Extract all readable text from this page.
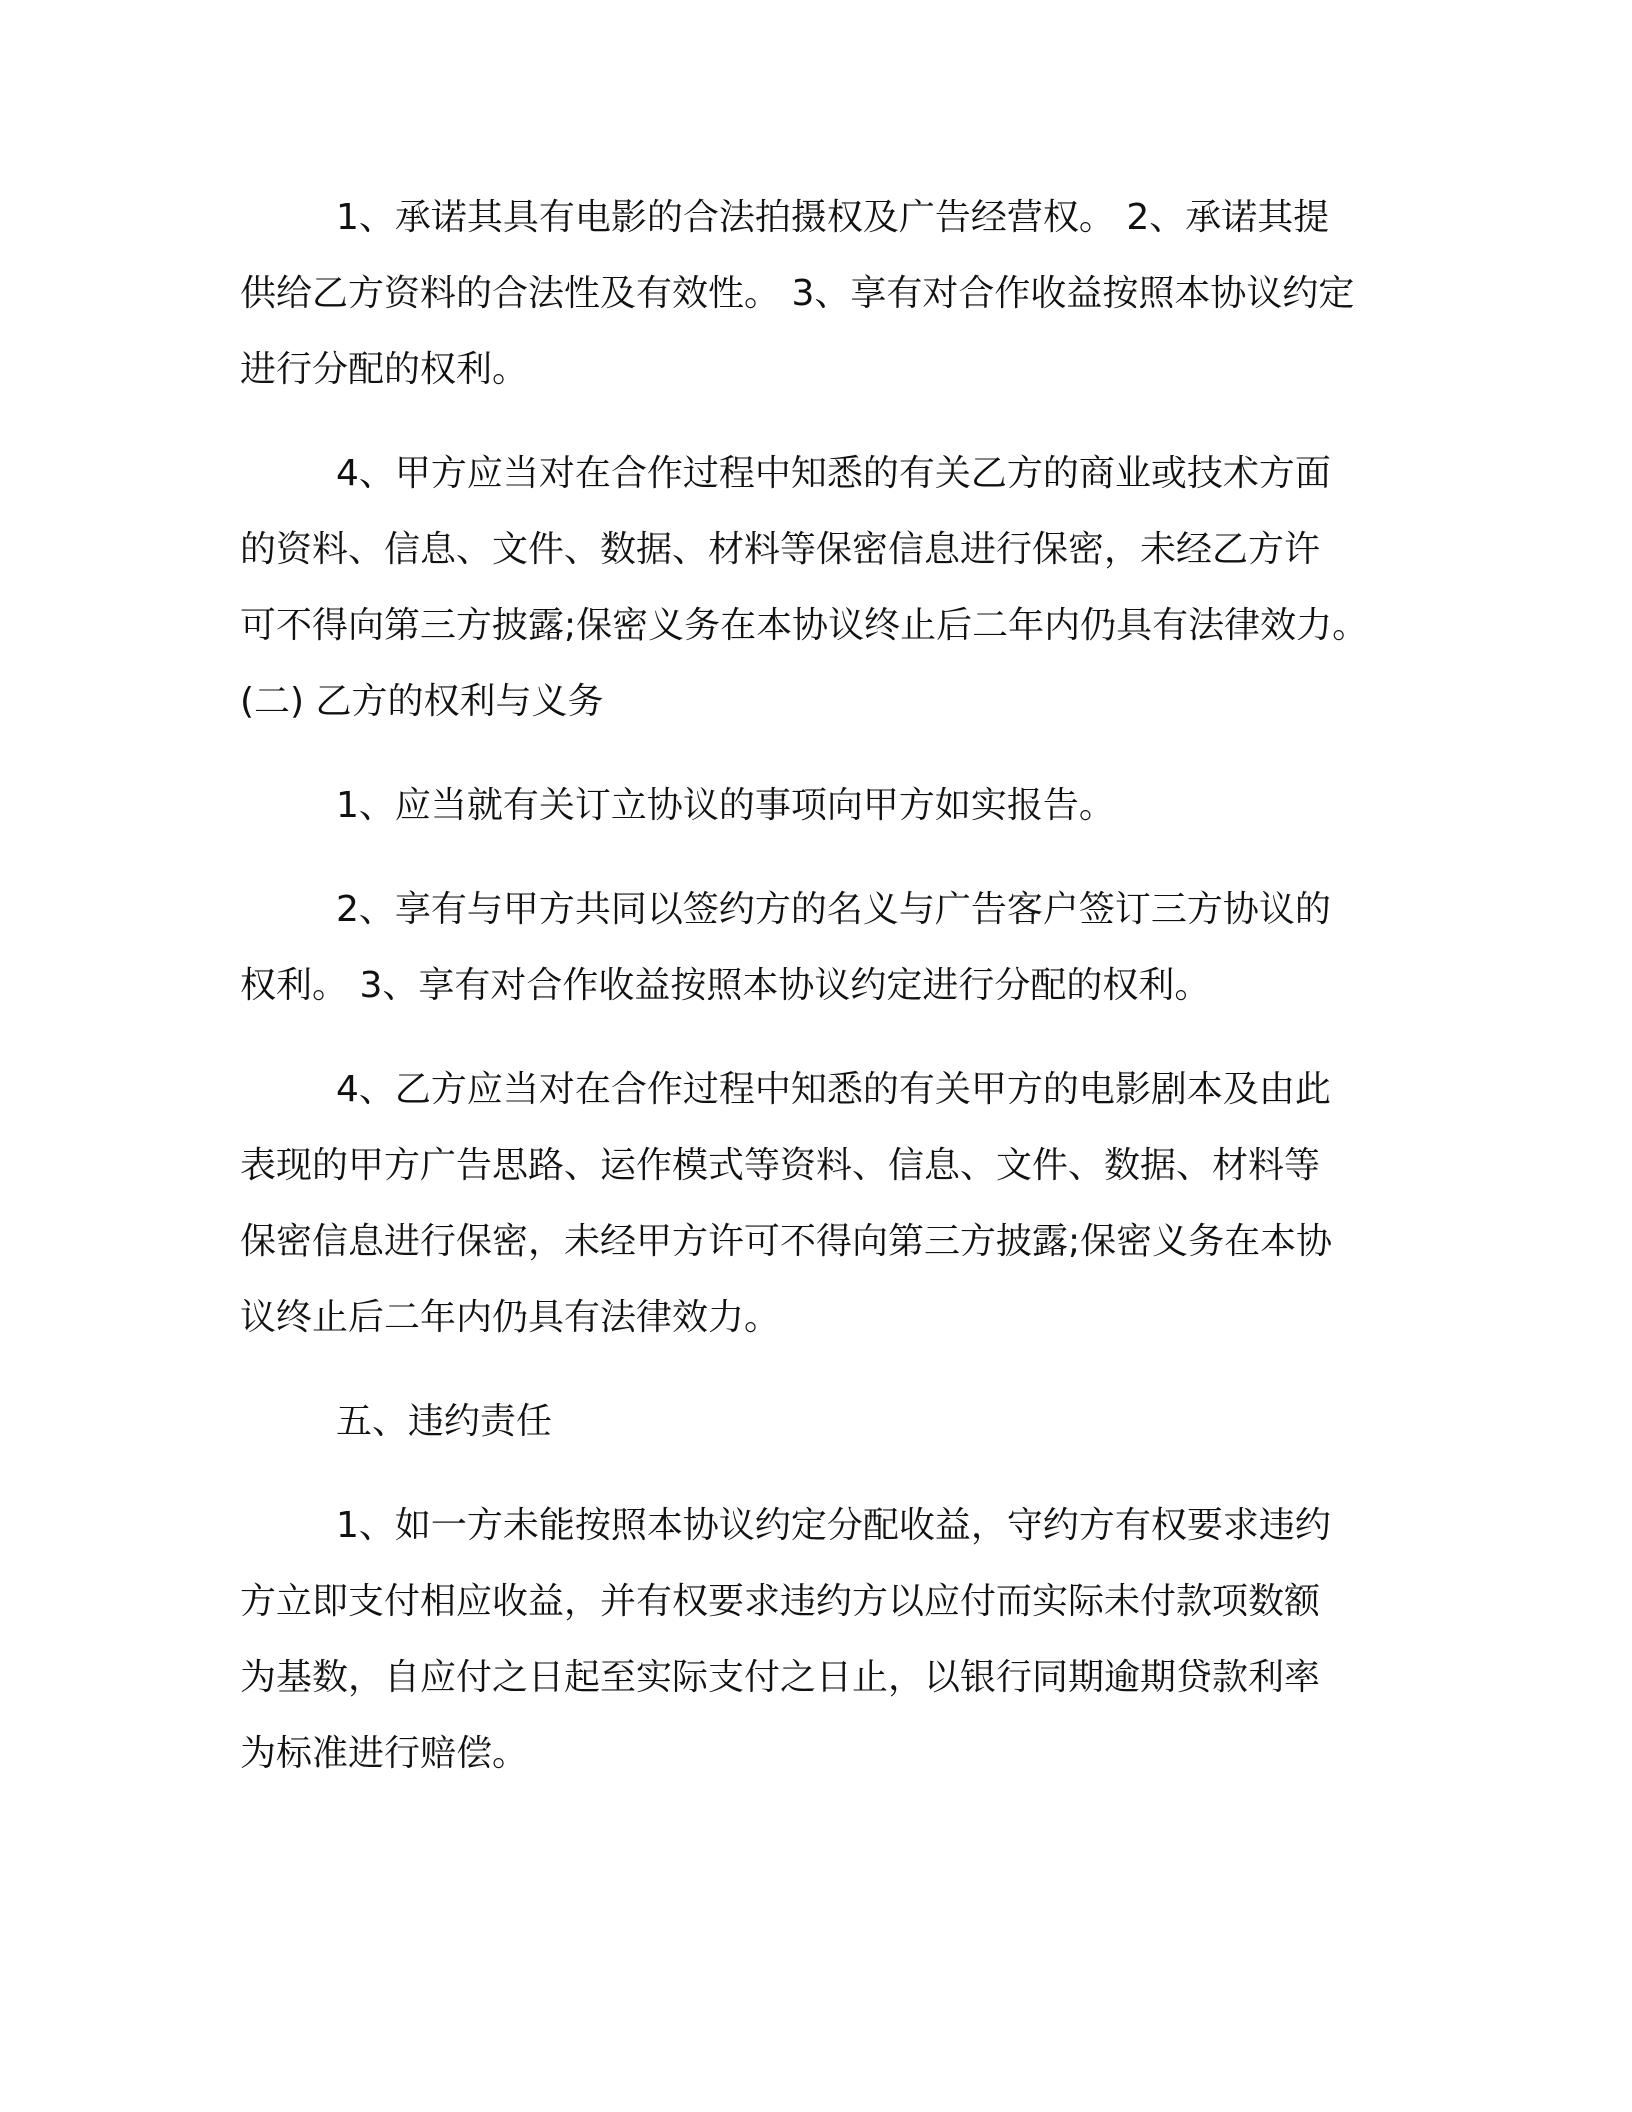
1、承诺其具有电影的合法拍摄权及广告经营权。 2、承诺其提

供给乙方资料的合法性及有效性。 3、享有对合作收益按照本协议约定

进行分配的权利。

4、甲方应当对在合作过程中知悉的有关乙方的商业或技术方面

的资料、信息、文件、数据、材料等保密信息进行保密，未经乙方许

可不得向第三方披露;保密义务在本协议终止后二年内仍具有法律效力。

(二) 乙方的权利与义务

1、应当就有关订立协议的事项向甲方如实报告。

2、享有与甲方共同以签约方的名义与广告客户签订三方协议的

权利。 3、享有对合作收益按照本协议约定进行分配的权利。

4、乙方应当对在合作过程中知悉的有关甲方的电影剧本及由此

表现的甲方广告思路、运作模式等资料、信息、文件、数据、材料等

保密信息进行保密，未经甲方许可不得向第三方披露;保密义务在本协

议终止后二年内仍具有法律效力。

五、违约责任

1、如一方未能按照本协议约定分配收益，守约方有权要求违约

方立即支付相应收益，并有权要求违约方以应付而实际未付款项数额

为基数，自应付之日起至实际支付之日止，以银行同期逾期贷款利率

为标准进行赔偿。
